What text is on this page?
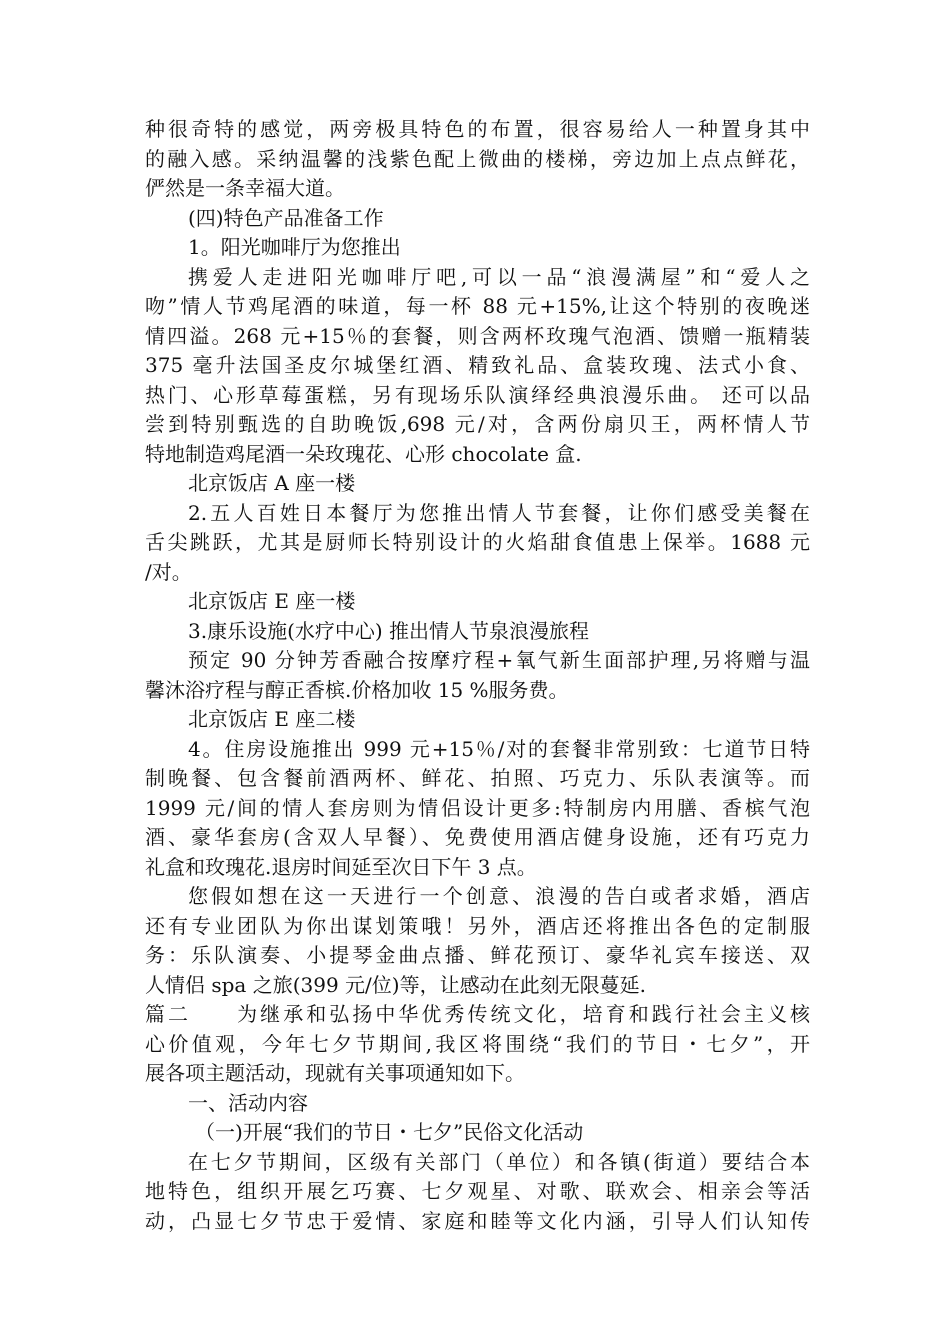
种很奇特的感觉，两旁极具特色的布置，很容易给人一种置身其中
的融入感。采纳温馨的浅紫色配上微曲的楼梯，旁边加上点点鲜花，
俨然是一条幸福大道。
(四)特色产品准备工作
1。阳光咖啡厅为您推出
携爱人走进阳光咖啡厅吧,可以一品“浪漫满屋”和“爱人之
吻”情人节鸡尾酒的味道，每一杯 88 元+15%,让这个特别的夜晚迷
情四溢。268 元+15％的套餐，则含两杯玫瑰气泡酒、馈赠一瓶精装
375 毫升法国圣皮尔城堡红酒、精致礼品、盒装玫瑰、法式小食、
热门、心形草莓蛋糕，另有现场乐队演绎经典浪漫乐曲。 还可以品
尝到特别甄选的自助晚饭,698 元/对，含两份扇贝王，两杯情人节
特地制造鸡尾酒一朵玫瑰花、心形 chocolate 盒.
北京饭店 A 座一楼
2.五人百姓日本餐厅为您推出情人节套餐，让你们感受美餐在
舌尖跳跃，尤其是厨师长特别设计的火焰甜食值患上保举。1688 元
/对。
北京饭店 E 座一楼
3.康乐设施(水疗中心) 推出情人节泉浪漫旅程
预定 90 分钟芳香融合按摩疗程+氧气新生面部护理,另将赠与温
馨沐浴疗程与醇正香槟.价格加收 15 %服务费。
北京饭店 E 座二楼
4。住房设施推出 999 元+15％/对的套餐非常别致：七道节日特
制晚餐、包含餐前酒两杯、鲜花、拍照、巧克力、乐队表演等。而
1999 元/间的情人套房则为情侣设计更多:特制房内用膳、香槟气泡
酒、豪华套房(含双人早餐）、免费使用酒店健身设施，还有巧克力
礼盒和玫瑰花.退房时间延至次日下午 3 点。
您假如想在这一天进行一个创意、浪漫的告白或者求婚，酒店
还有专业团队为你出谋划策哦！另外，酒店还将推出各色的定制服
务：乐队演奏、小提琴金曲点播、鲜花预订、豪华礼宾车接送、双
人情侣 spa 之旅(399 元/位)等，让感动在此刻无限蔓延.
篇二　　为继承和弘扬中华优秀传统文化，培育和践行社会主义核
心价值观，今年七夕节期间,我区将围绕“我们的节日・七夕”，开
展各项主题活动，现就有关事项通知如下。
一、活动内容
（一)开展“我们的节日・七夕”民俗文化活动
在七夕节期间，区级有关部门（单位）和各镇(街道）要结合本
地特色，组织开展乞巧赛、七夕观星、对歌、联欢会、相亲会等活
动，凸显七夕节忠于爱情、家庭和睦等文化内涵，引导人们认知传
